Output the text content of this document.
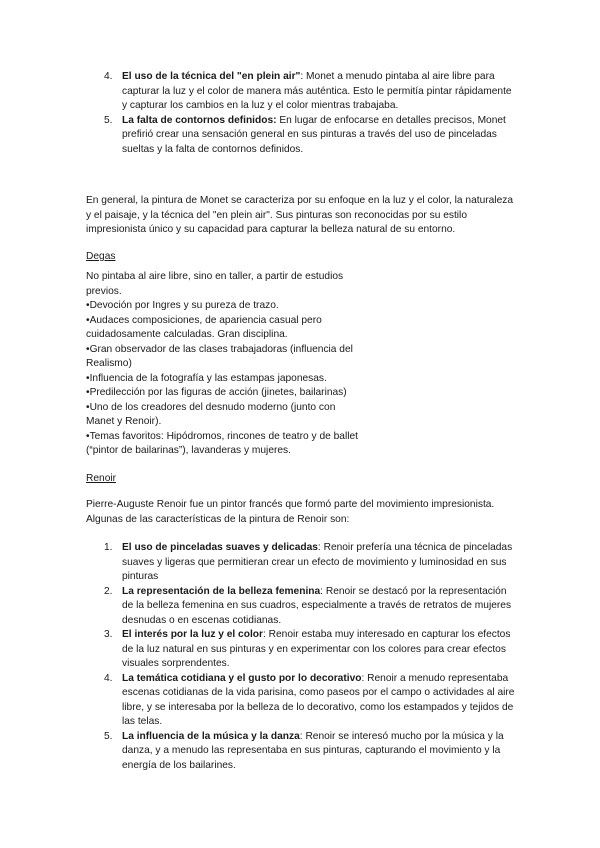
4. El uso de la técnica del "en plein air": Monet a menudo pintaba al aire libre para capturar la luz y el color de manera más auténtica. Esto le permitía pintar rápidamente y capturar los cambios en la luz y el color mientras trabajaba.
5. La falta de contornos definidos: En lugar de enfocarse en detalles precisos, Monet prefirió crear una sensación general en sus pinturas a través del uso de pinceladas sueltas y la falta de contornos definidos.

En general, la pintura de Monet se caracteriza por su enfoque en la luz y el color, la naturaleza y el paisaje, y la técnica del "en plein air". Sus pinturas son reconocidas por su estilo impresionista único y su capacidad para capturar la belleza natural de su entorno.

Degas

No pintaba al aire libre, sino en taller, a partir de estudios previos.

•Devoción por Ingres y su pureza de trazo.

•Audaces composiciones, de apariencia casual pero cuidadosamente calculadas. Gran disciplina.

•Gran observador de las clases trabajadoras (influencia del Realismo)

•Influencia de la fotografía y las estampas japonesas.

•Predilección por las figuras de acción (jinetes, bailarinas)

•Uno de los creadores del desnudo moderno (junto con Manet y Renoir).

•Temas favoritos: Hipódromos, rincones de teatro y de ballet (“pintor de bailarinas”), lavanderas y mujeres.

Renoir

Pierre-Auguste Renoir fue un pintor francés que formó parte del movimiento impresionista. Algunas de las características de la pintura de Renoir son:

1. El uso de pinceladas suaves y delicadas: Renoir prefería una técnica de pinceladas suaves y ligeras que permitieran crear un efecto de movimiento y luminosidad en sus pinturas
2. La representación de la belleza femenina: Renoir se destacó por la representación de la belleza femenina en sus cuadros, especialmente a través de retratos de mujeres desnudas o en escenas cotidianas.
3. El interés por la luz y el color: Renoir estaba muy interesado en capturar los efectos de la luz natural en sus pinturas y en experimentar con los colores para crear efectos visuales sorprendentes.
4. La temática cotidiana y el gusto por lo decorativo: Renoir a menudo representaba escenas cotidianas de la vida parisina, como paseos por el campo o actividades al aire libre, y se interesaba por la belleza de lo decorativo, como los estampados y tejidos de las telas.
5. La influencia de la música y la danza: Renoir se interesó mucho por la música y la danza, y a menudo las representaba en sus pinturas, capturando el movimiento y la energía de los bailarines.
